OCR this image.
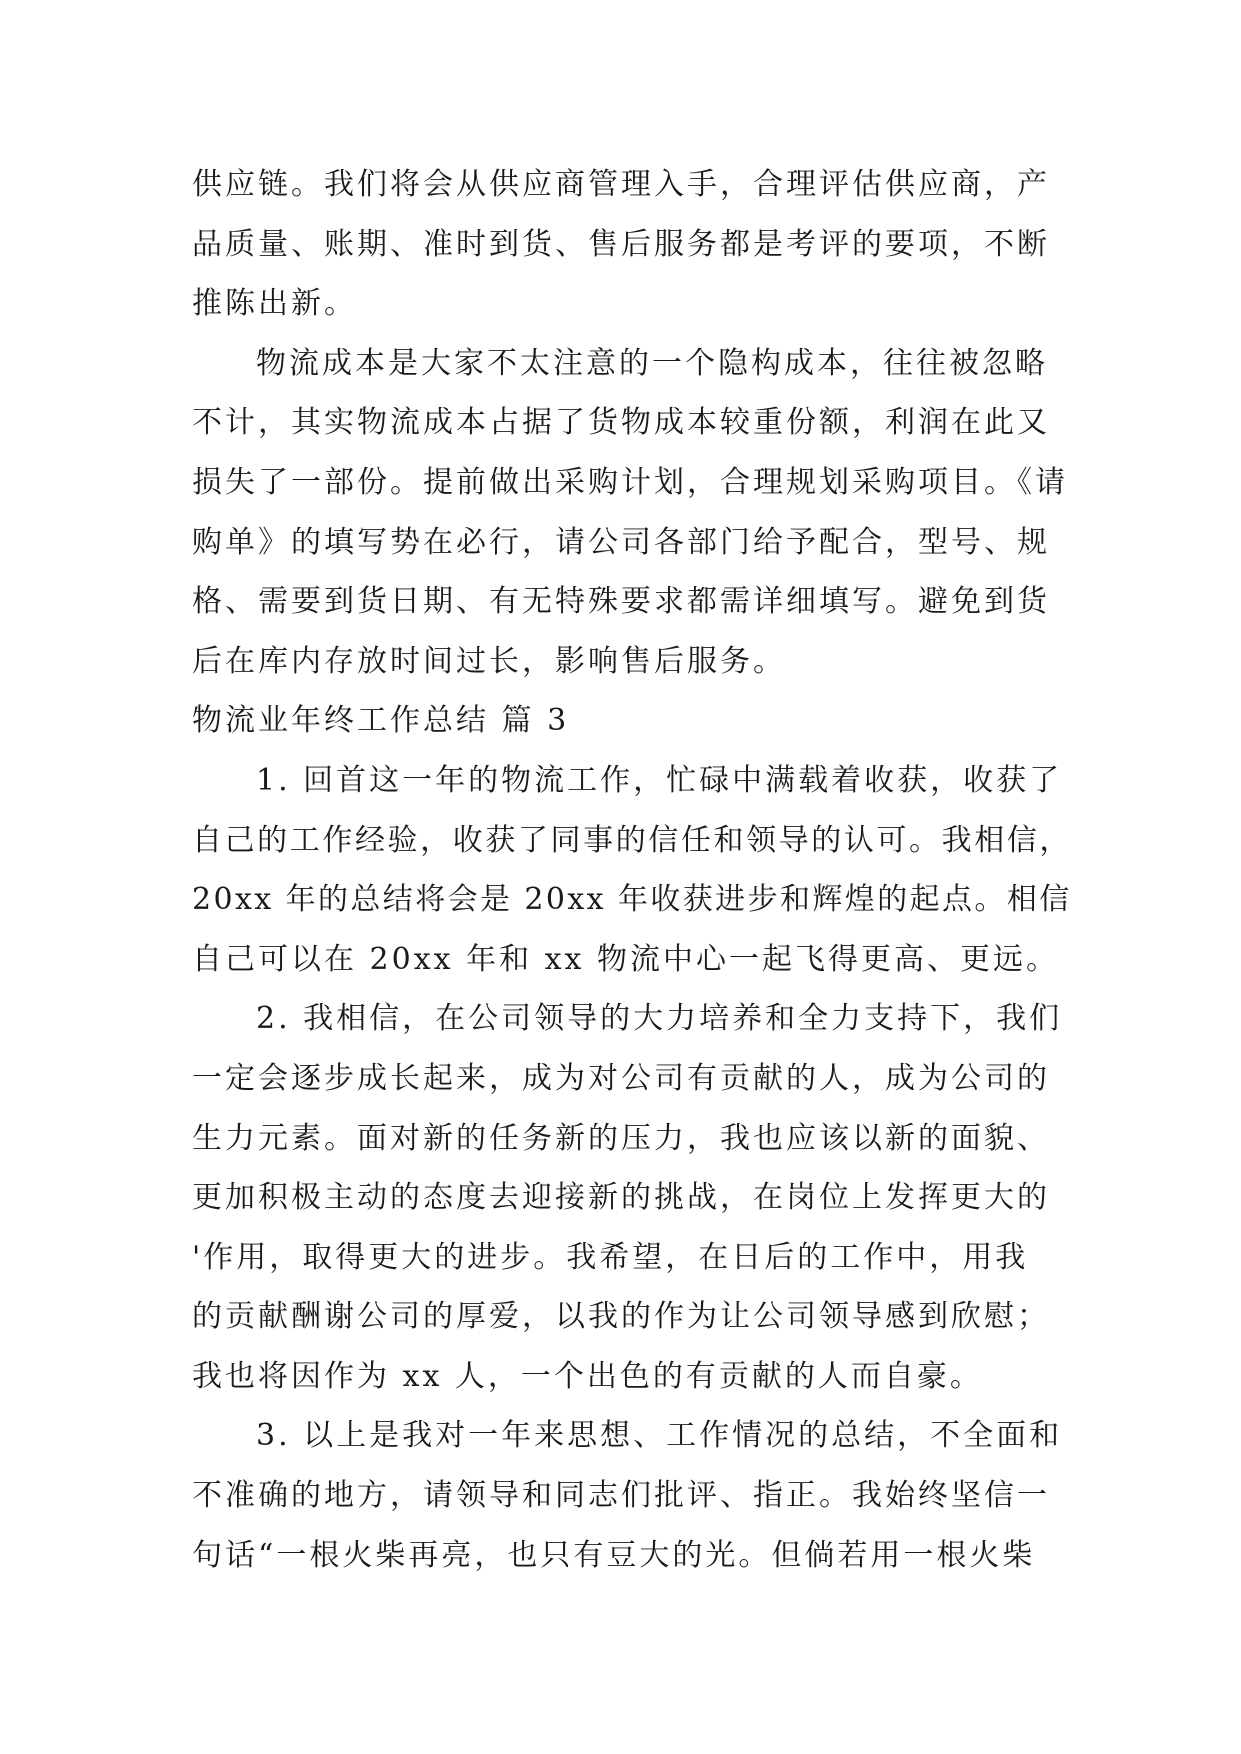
供应链。我们将会从供应商管理入手，合理评估供应商，产
品质量、账期、准时到货、售后服务都是考评的要项，不断
推陈出新。
物流成本是大家不太注意的一个隐构成本，往往被忽略
不计，其实物流成本占据了货物成本较重份额，利润在此又
损失了一部份。提前做出采购计划，合理规划采购项目。《请
购单》的填写势在必行，请公司各部门给予配合，型号、规
格、需要到货日期、有无特殊要求都需详细填写。避免到货
后在库内存放时间过长，影响售后服务。
物流业年终工作总结 篇 3
1. 回首这一年的物流工作，忙碌中满载着收获，收获了
自己的工作经验，收获了同事的信任和领导的认可。我相信，
20xx 年的总结将会是 20xx 年收获进步和辉煌的起点。相信
自己可以在 20xx 年和 xx 物流中心一起飞得更高、更远。
2. 我相信，在公司领导的大力培养和全力支持下，我们
一定会逐步成长起来，成为对公司有贡献的人，成为公司的
生力元素。面对新的任务新的压力，我也应该以新的面貌、
更加积极主动的态度去迎接新的挑战，在岗位上发挥更大的
'作用，取得更大的进步。我希望，在日后的工作中，用我
的贡献酬谢公司的厚爱，以我的作为让公司领导感到欣慰；
我也将因作为 xx 人，一个出色的有贡献的人而自豪。
3. 以上是我对一年来思想、工作情况的总结，不全面和
不准确的地方，请领导和同志们批评、指正。我始终坚信一
句话“一根火柴再亮，也只有豆大的光。但倘若用一根火柴
